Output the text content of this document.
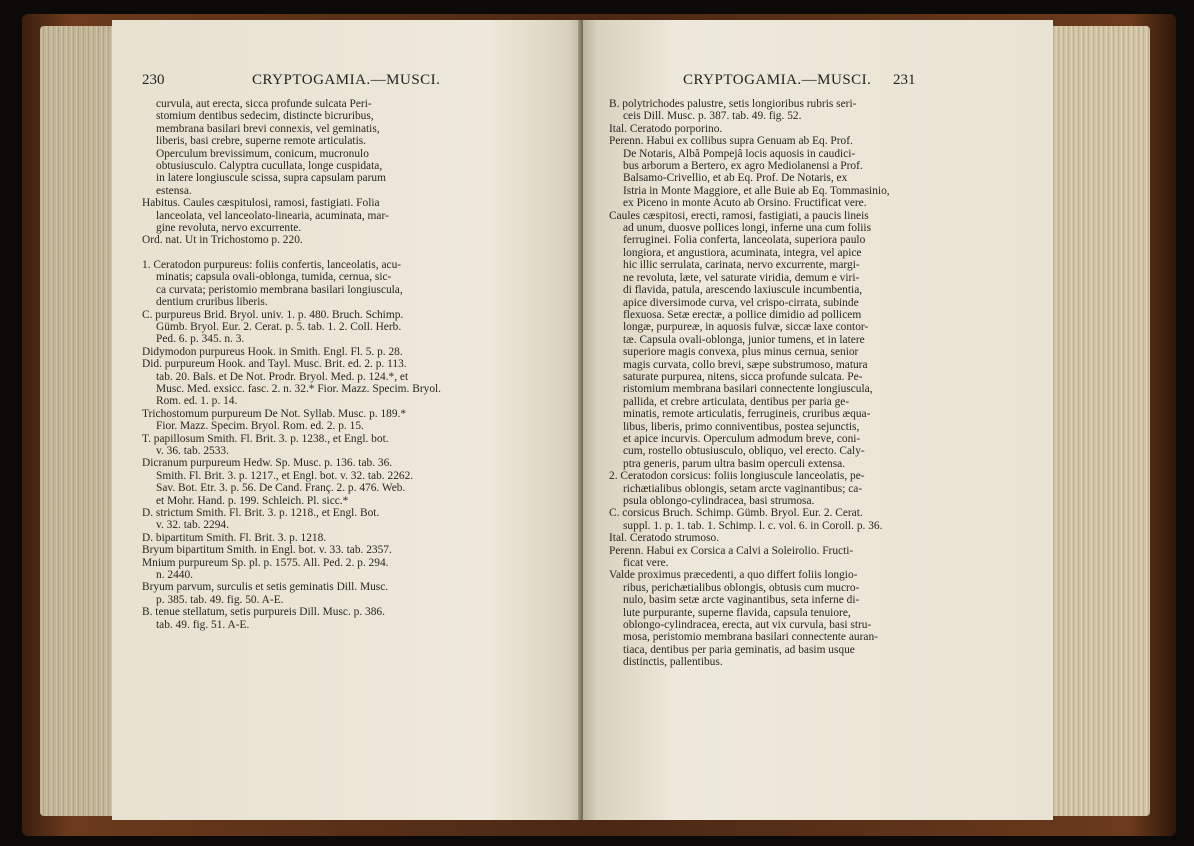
CRYPTOGAMIA.—MUSCI.
230

curvula, aut erecta, sicca profunde sulcata Peri-

stomium dentibus sedecim, distincte bicruribus,

membrana basilari brevi connexis, vel geminatis,

liberis, basi crebre, superne remote articulatis.

Operculum brevissimum, conicum, mucronulo

obtusiusculo. Calyptra cucullata, longe cuspidata,

in latere longiuscule scissa, supra capsulam parum

estensa.

Habitus. Caules cæspitulosi, ramosi, fastigiati. Folia

lanceolata, vel lanceolato-linearia, acuminata, mar-

gine revoluta, nervo excurrente.

Ord. nat. Ut in Trichostomo p. 220.

1. Ceratodon purpureus: foliis confertis, lanceolatis, acu-

minatis; capsula ovali-oblonga, tumida, cernua, sic-

ca curvata; peristomio membrana basilari longiuscula,

dentium cruribus liberis.

C. purpureus Brid. Bryol. univ. 1. p. 480. Bruch. Schimp.

Gümb. Bryol. Eur. 2. Cerat. p. 5. tab. 1. 2. Coll. Herb.

Ped. 6. p. 345. n. 3.

Didymodon purpureus Hook. in Smith. Engl. Fl. 5. p. 28.

Did. purpureum Hook. and Tayl. Musc. Brit. ed. 2. p. 113.

tab. 20. Bals. et De Not. Prodr. Bryol. Med. p. 124.*, et

Musc. Med. exsicc. fasc. 2. n. 32.* Fior. Mazz. Specim. Bryol.

Rom. ed. 1. p. 14.

Trichostomum purpureum De Not. Syllab. Musc. p. 189.*

Fior. Mazz. Specim. Bryol. Rom. ed. 2. p. 15.

T. papillosum Smith. Fl. Brit. 3. p. 1238., et Engl. bot.

v. 36. tab. 2533.

Dicranum purpureum Hedw. Sp. Musc. p. 136. tab. 36.

Smith. Fl. Brit. 3. p. 1217., et Engl. bot. v. 32. tab. 2262.

Sav. Bot. Etr. 3. p. 56. De Cand. Franç. 2. p. 476. Web.

et Mohr. Hand. p. 199. Schleich. Pl. sicc.*

D. strictum Smith. Fl. Brit. 3. p. 1218., et Engl. Bot.

v. 32. tab. 2294.

D. bipartitum Smith. Fl. Brit. 3. p. 1218.

Bryum bipartitum Smith. in Engl. bot. v. 33. tab. 2357.

Mnium purpureum Sp. pl. p. 1575. All. Ped. 2. p. 294.

n. 2440.

Bryum parvum, surculis et setis geminatis Dill. Musc.

p. 385. tab. 49. fig. 50. A-E.

B. tenue stellatum, setis purpureis Dill. Musc. p. 386.

tab. 49. fig. 51. A-E.

CRYPTOGAMIA.—MUSCI. 231

B. polytrichodes palustre, setis longioribus rubris seri-

ceis Dill. Musc. p. 387. tab. 49. fig. 52.

Ital. Ceratodo porporino.

Perenn. Habui ex collibus supra Genuam ab Eq. Prof.

De Notaris, Albâ Pompejâ locis aquosis in caudici-

bus arborum a Bertero, ex agro Mediolanensi a Prof.

Balsamo-Crivellio, et ab Eq. Prof. De Notaris, ex

Istria in Monte Maggiore, et alle Buie ab Eq. Tommasinio,

ex Piceno in monte Acuto ab Orsino. Fructificat vere.

Caules cæspitosi, erecti, ramosi, fastigiati, a paucis lineis

ad unum, duosve pollices longi, inferne una cum foliis

ferruginei. Folia conferta, lanceolata, superiora paulo

longiora, et angustiora, acuminata, integra, vel apice

hic illic serrulata, carinata, nervo excurrente, margi-

ne revoluta, læte, vel saturate viridia, demum e viri-

di flavida, patula, arescendo laxiuscule incumbentia,

apice diversimode curva, vel crispo-cirrata, subinde

flexuosa. Setæ erectæ, a pollice dimidio ad pollicem

longæ, purpureæ, in aquosis fulvæ, siccæ laxe contor-

tæ. Capsula ovali-oblonga, junior tumens, et in latere

superiore magis convexa, plus minus cernua, senior

magis curvata, collo brevi, sæpe substrumoso, matura

saturate purpurea, nitens, sicca profunde sulcata. Pe-

ristomium membrana basilari connectente longiuscula,

pallida, et crebre articulata, dentibus per paria ge-

minatis, remote articulatis, ferrugineis, cruribus æqua-

libus, liberis, primo conniventibus, postea sejunctis,

et apice incurvis. Operculum admodum breve, coni-

cum, rostello obtusiusculo, obliquo, vel erecto. Caly-

ptra generis, parum ultra basim operculi extensa.

2. Ceratodon corsicus: foliis longiuscule lanceolatis, pe-

richætialibus oblongis, setam arcte vaginantibus; ca-

psula oblongo-cylindracea, basi strumosa.

C. corsicus Bruch. Schimp. Gümb. Bryol. Eur. 2. Cerat.

suppl. 1. p. 1. tab. 1. Schimp. l. c. vol. 6. in Coroll. p. 36.

Ital. Ceratodo strumoso.

Perenn. Habui ex Corsica a Calvi a Soleirolio. Fructi-

ficat vere.

Valde proximus præcedenti, a quo differt foliis longio-

ribus, perichætialibus oblongis, obtusis cum mucro-

nulo, basim setæ arcte vaginantibus, seta inferne di-

lute purpurante, superne flavida, capsula tenuiore,

oblongo-cylindracea, erecta, aut vix curvula, basi stru-

mosa, peristomio membrana basilari connectente auran-

tiaca, dentibus per paria geminatis, ad basim usque

distinctis, pallentibus.
